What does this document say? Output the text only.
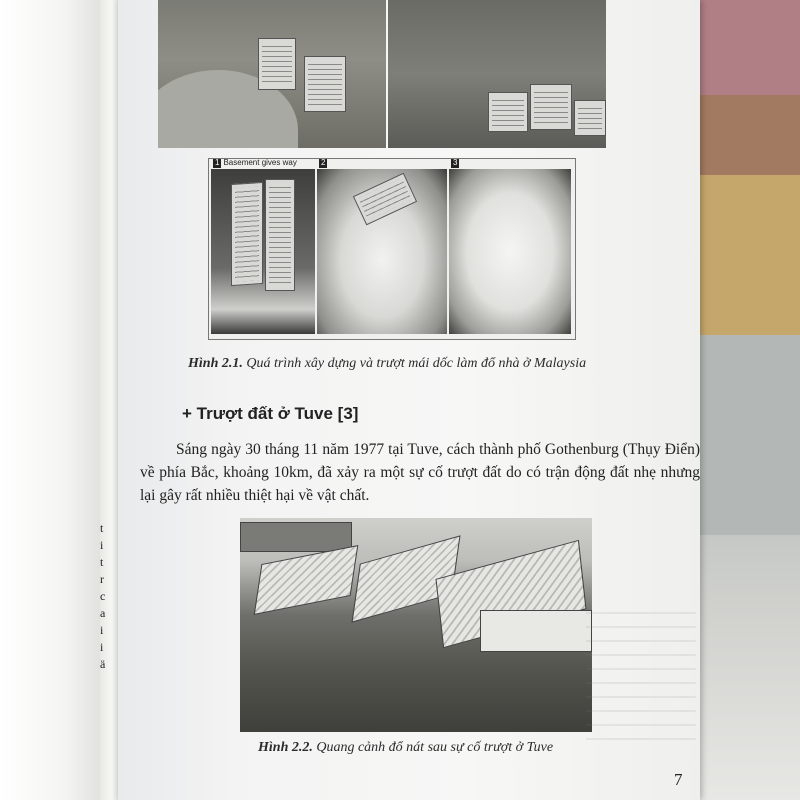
t
i
t
r
c
a
i
i
ä
1 Basement gives way	2	3
Hình 2.1. Quá trình xây dựng và trượt mái dốc làm đổ nhà ở Malaysia
+ Trượt đất ở Tuve [3]
Sáng ngày 30 tháng 11 năm 1977 tại Tuve, cách thành phố Gothenburg (Thụy Điển) về phía Bắc, khoảng 10km, đã xảy ra một sự cố trượt đất do có trận động đất nhẹ nhưng lại gây rất nhiều thiệt hại về vật chất.
Hình 2.2. Quang cảnh đổ nát sau sự cố trượt ở Tuve
7
